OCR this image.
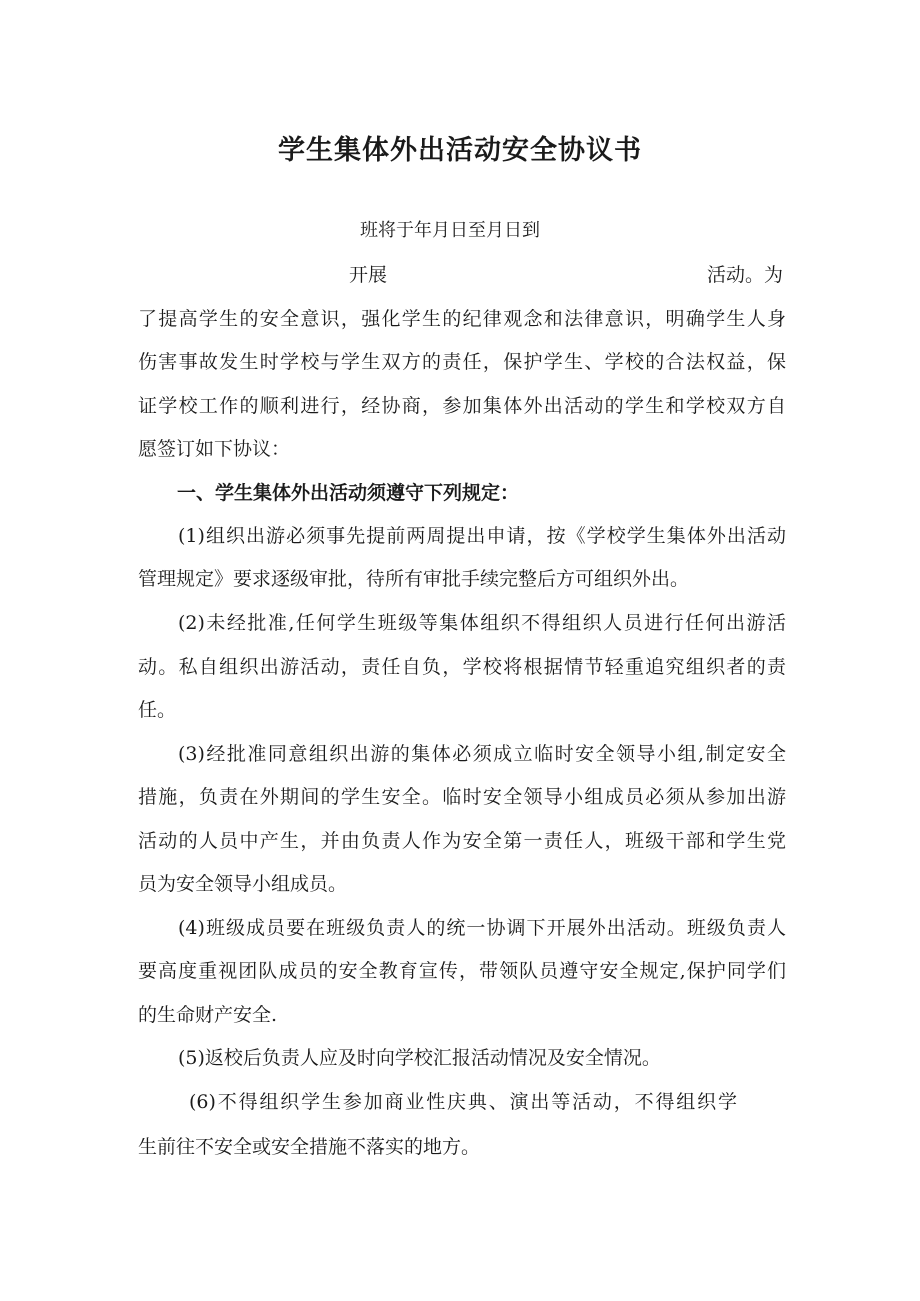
学生集体外出活动安全协议书

班将于年月日至月日到

开展	活动。为

了提高学生的安全意识，强化学生的纪律观念和法律意识，明确学生人身

伤害事故发生时学校与学生双方的责任，保护学生、学校的合法权益，保

证学校工作的顺利进行，经协商，参加集体外出活动的学生和学校双方自

愿签订如下协议：

一、学生集体外出活动须遵守下列规定：

(1)组织出游必须事先提前两周提出申请，按《学校学生集体外出活动

管理规定》要求逐级审批，待所有审批手续完整后方可组织外出。

(2)未经批准,任何学生班级等集体组织不得组织人员进行任何出游活

动。私自组织出游活动，责任自负，学校将根据情节轻重追究组织者的责

任。

(3)经批准同意组织出游的集体必须成立临时安全领导小组,制定安全

措施，负责在外期间的学生安全。临时安全领导小组成员必须从参加出游

活动的人员中产生，并由负责人作为安全第一责任人，班级干部和学生党

员为安全领导小组成员。

(4)班级成员要在班级负责人的统一协调下开展外出活动。班级负责人

要高度重视团队成员的安全教育宣传，带领队员遵守安全规定,保护同学们

的生命财产安全.

(5)返校后负责人应及时向学校汇报活动情况及安全情况。

(6)不得组织学生参加商业性庆典、演出等活动，不得组织学

生前往不安全或安全措施不落实的地方。
